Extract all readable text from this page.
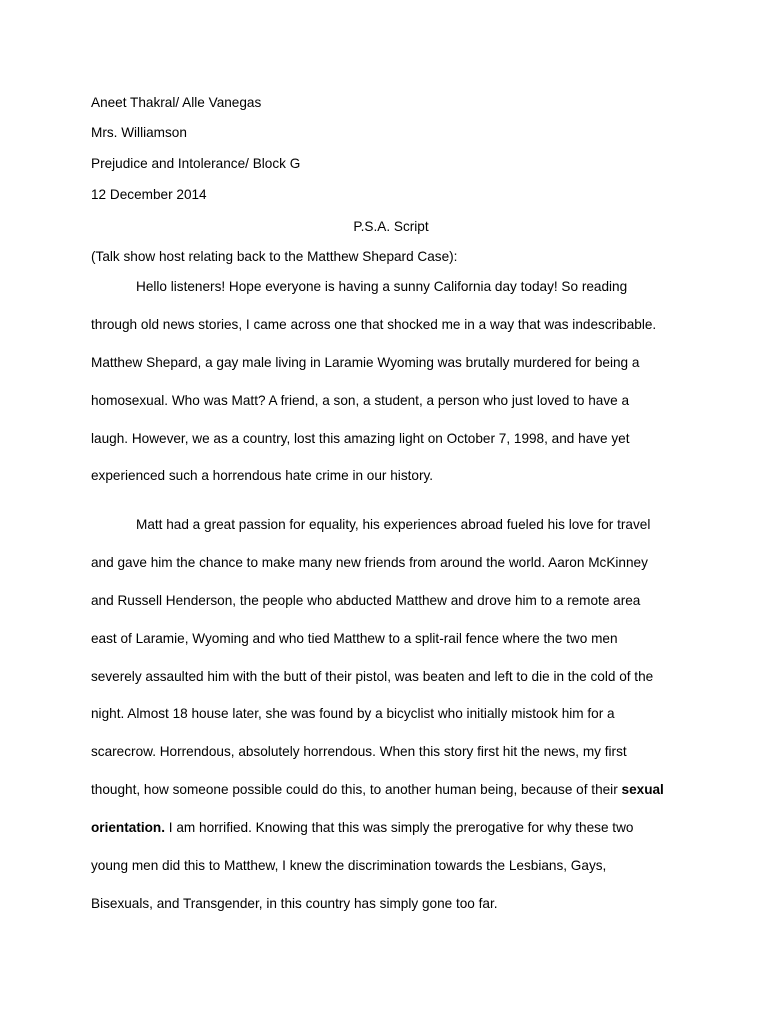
Aneet Thakral/ Alle Vanegas
Mrs. Williamson
Prejudice and Intolerance/ Block G
12 December 2014
P.S.A. Script
(Talk show host relating back to the Matthew Shepard Case):
Hello listeners! Hope everyone is having a sunny California day today! So reading
through old news stories, I came across one that shocked me in a way that was indescribable.
Matthew Shepard, a gay male living in Laramie Wyoming was brutally murdered for being a
homosexual. Who was Matt? A friend, a son, a student, a person who just loved to have a
laugh. However, we as a country, lost this amazing light on October 7, 1998, and have yet
experienced such a horrendous hate crime in our history.
Matt had a great passion for equality, his experiences abroad fueled his love for travel
and gave him the chance to make many new friends from around the world. Aaron McKinney
and Russell Henderson, the people who abducted Matthew and drove him to a remote area
east of Laramie, Wyoming and who tied Matthew to a split-rail fence where the two men
severely assaulted him with the butt of their pistol, was beaten and left to die in the cold of the
night. Almost 18 house later, she was found by a bicyclist who initially mistook him for a
scarecrow. Horrendous, absolutely horrendous. When this story first hit the news, my first
thought, how someone possible could do this, to another human being, because of their sexual
orientation. I am horrified. Knowing that this was simply the prerogative for why these two
young men did this to Matthew, I knew the discrimination towards the Lesbians, Gays,
Bisexuals, and Transgender, in this country has simply gone too far.
